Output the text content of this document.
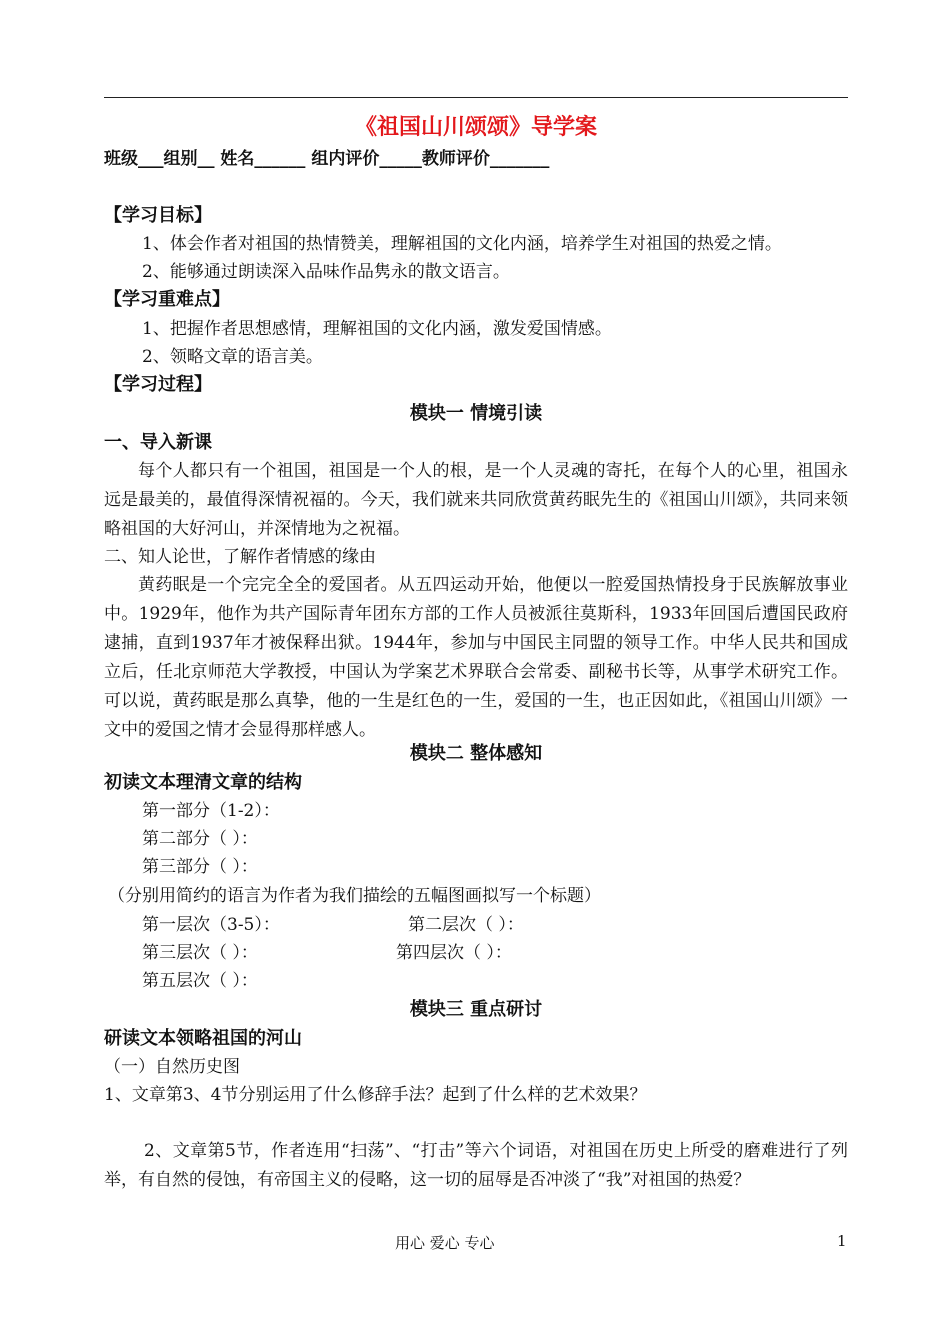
《祖国山川颂颂》导学案
班级___组别__ 姓名______ 组内评价_____教师评价_______
【学习目标】
1、体会作者对祖国的热情赞美，理解祖国的文化内涵，培养学生对祖国的热爱之情。
2、能够通过朗读深入品味作品隽永的散文语言。
【学习重难点】
1、把握作者思想感情，理解祖国的文化内涵，激发爱国情感。
2、领略文章的语言美。
【学习过程】
模块一 情境引读
一、导入新课
每个人都只有一个祖国，祖国是一个人的根，是一个人灵魂的寄托，在每个人的心里，祖国永远是最美的，最值得深情祝福的。今天，我们就来共同欣赏黄药眠先生的《祖国山川颂》，共同来领略祖国的大好河山，并深情地为之祝福。
二、知人论世，了解作者情感的缘由
黄药眠是一个完完全全的爱国者。从五四运动开始，他便以一腔爱国热情投身于民族解放事业中。1929年，他作为共产国际青年团东方部的工作人员被派往莫斯科，1933年回国后遭国民政府逮捕，直到1937年才被保释出狱。1944年，参加与中国民主同盟的领导工作。中华人民共和国成立后，任北京师范大学教授，中国认为学案艺术界联合会常委、副秘书长等，从事学术研究工作。可以说，黄药眠是那么真挚，他的一生是红色的一生，爱国的一生，也正因如此，《祖国山川颂》一文中的爱国之情才会显得那样感人。
模块二 整体感知
初读文本理清文章的结构
第一部分（1-2）：
第二部分（ ）：
第三部分（ ）：
（分别用简约的语言为作者为我们描绘的五幅图画拟写一个标题）
第一层次（3-5）：	第二层次（ ）：
第三层次（ ）：	第四层次（ ）：
第五层次（ ）：
模块三 重点研讨
研读文本领略祖国的河山
（一）自然历史图
1、文章第3、4节分别运用了什么修辞手法？起到了什么样的艺术效果？
2、文章第5节，作者连用“扫荡”、“打击”等六个词语，对祖国在历史上所受的磨难进行了列举，有自然的侵蚀，有帝国主义的侵略，这一切的屈辱是否冲淡了“我”对祖国的热爱？
用心 爱心 专心	1
